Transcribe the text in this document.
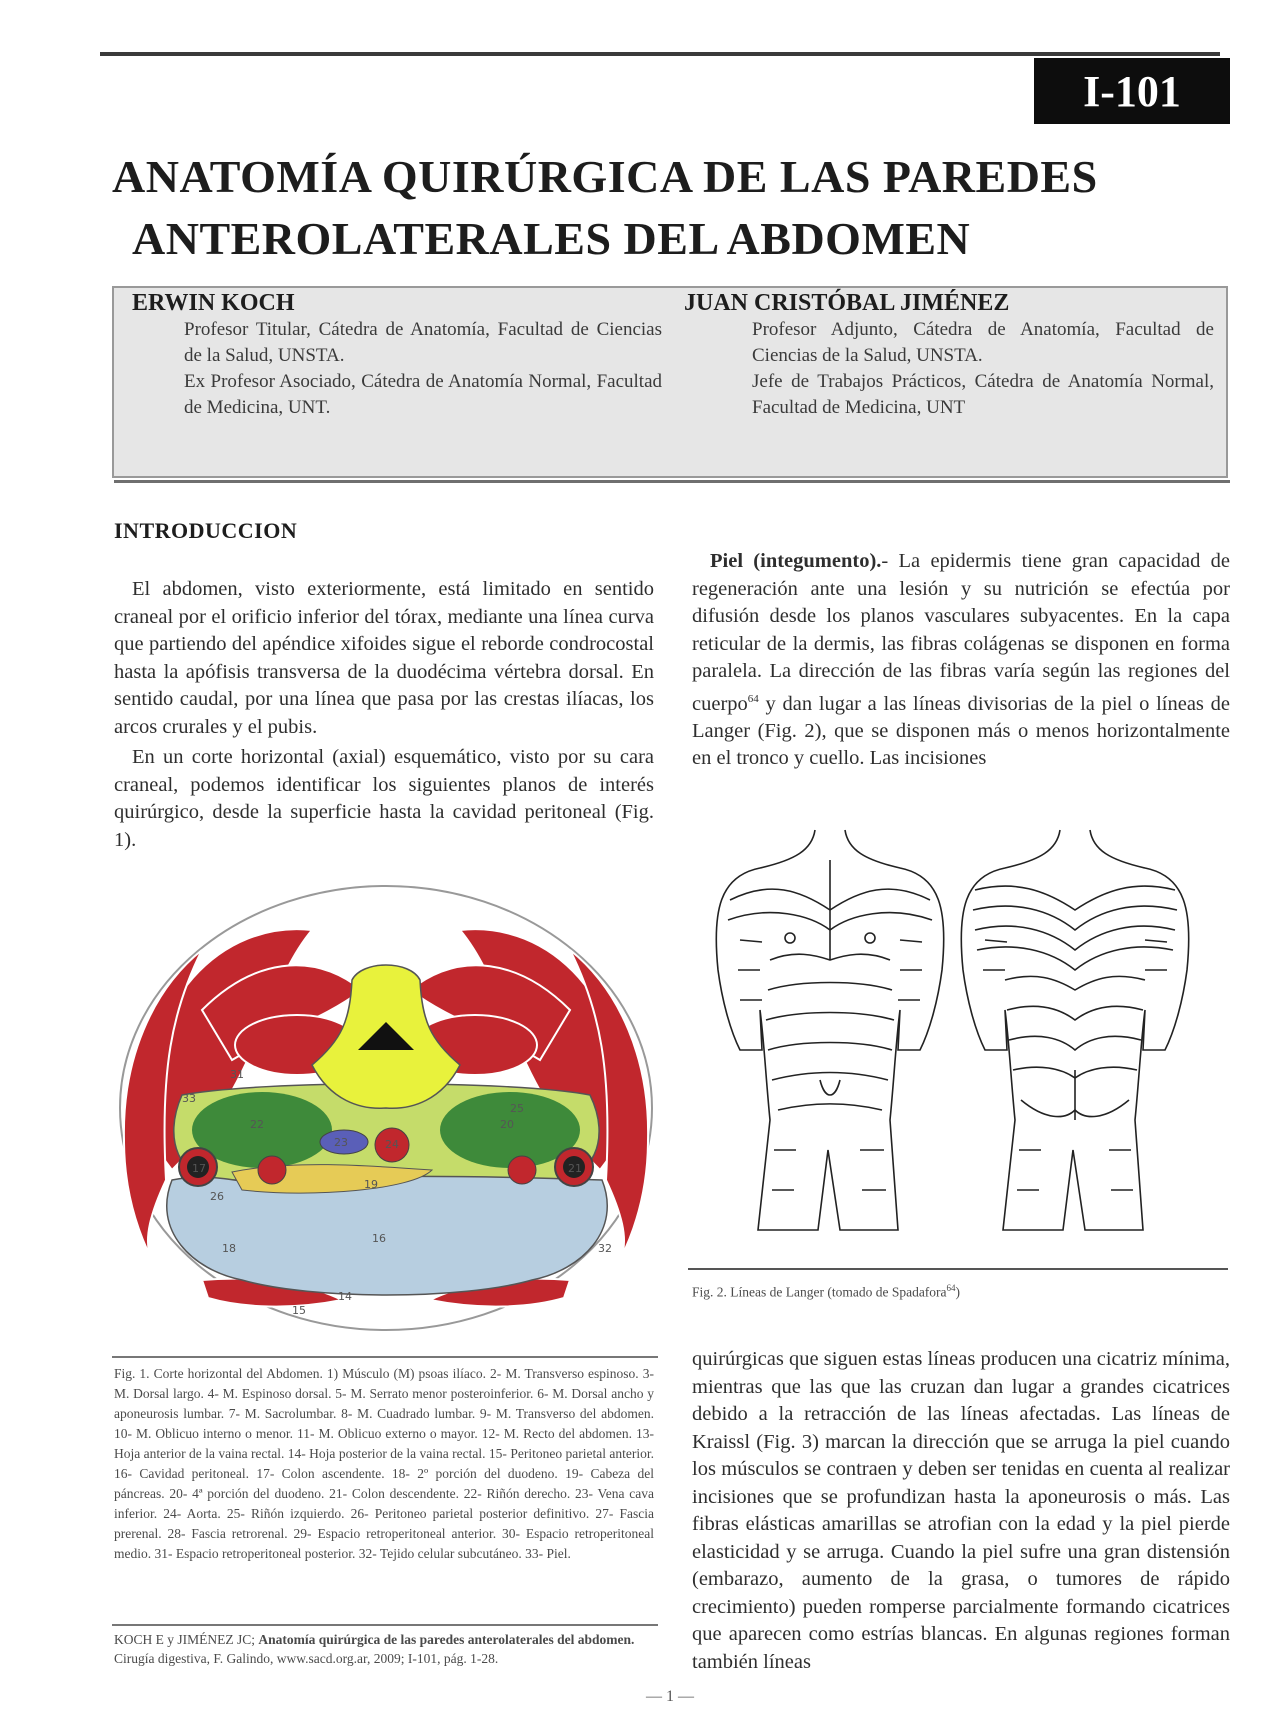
I-101
ANATOMÍA QUIRÚRGICA DE LAS PAREDES
ANTEROLATERALES DEL ABDOMEN
ERWIN KOCH
Profesor Titular, Cátedra de Anatomía, Facultad de Ciencias de la Salud, UNSTA.
Ex Profesor Asociado, Cátedra de Anatomía Normal, Facultad de Medicina, UNT.
JUAN CRISTÓBAL JIMÉNEZ
Profesor Adjunto, Cátedra de Anatomía, Facultad de Ciencias de la Salud, UNSTA.
Jefe de Trabajos Prácticos, Cátedra de Anatomía Normal, Facultad de Medicina, UNT
INTRODUCCION

El abdomen, visto exteriormente, está limitado en sentido craneal por el orificio inferior del tórax, mediante una línea curva que partiendo del apéndice xifoides sigue el reborde condrocostal hasta la apófisis transversa de la duodécima vértebra dorsal. En sentido caudal, por una línea que pasa por las crestas ilíacas, los arcos crurales y el pubis.

En un corte horizontal (axial) esquemático, visto por su cara craneal, podemos identificar los siguientes planos de interés quirúrgico, desde la superficie hasta la cavidad peritoneal (Fig. 1).

Piel (integumento).- La epidermis tiene gran capacidad de regeneración ante una lesión y su nutrición se efectúa por difusión desde los planos vasculares subyacentes. En la capa reticular de la dermis, las fibras colágenas se disponen en forma paralela. La dirección de las fibras varía según las regiones del cuerpo$^{64}$ y dan lugar a las líneas divisorias de la piel o líneas de Langer (Fig. 2), que se disponen más o menos horizontalmente en el tronco y cuello. Las incisiones

31
33
22	20
23	24
17
25
26
21
19
16
18	32
14
15
Fig. 2. Líneas de Langer (tomado de Spadafora$^{64}$)
Fig. 1. Corte horizontal del Abdomen. 1) Músculo (M) psoas ilíaco. 2- M. Transverso espinoso. 3- M. Dorsal largo. 4- M. Espinoso dorsal. 5- M. Serrato menor posteroinferior. 6- M. Dorsal ancho y aponeurosis lumbar. 7- M. Sacrolumbar. 8- M. Cuadrado lumbar. 9- M. Transverso del abdomen. 10- M. Oblicuo interno o menor. 11- M. Oblicuo externo o mayor. 12- M. Recto del abdomen. 13- Hoja anterior de la vaina rectal. 14- Hoja posterior de la vaina rectal. 15- Peritoneo parietal anterior. 16- Cavidad peritoneal. 17- Colon ascendente. 18- 2º porción del duodeno. 19- Cabeza del páncreas. 20- 4ª porción del duodeno. 21- Colon descendente. 22- Riñón derecho. 23- Vena cava inferior. 24- Aorta. 25- Riñón izquierdo. 26- Peritoneo parietal posterior definitivo. 27- Fascia prerenal. 28- Fascia retrorenal. 29- Espacio retroperitoneal anterior. 30- Espacio retroperitoneal medio. 31- Espacio retroperitoneal posterior. 32- Tejido celular subcutáneo. 33- Piel.
KOCH E y JIMÉNEZ JC; Anatomía quirúrgica de las paredes anterolaterales del abdomen.
Cirugía digestiva, F. Galindo, www.sacd.org.ar, 2009; I-101, pág. 1-28.

quirúrgicas que siguen estas líneas producen una cicatriz mínima, mientras que las que las cruzan dan lugar a grandes cicatrices debido a la retracción de las líneas afectadas. Las líneas de Kraissl (Fig. 3) marcan la dirección que se arruga la piel cuando los músculos se contraen y deben ser tenidas en cuenta al realizar incisiones que se profundizan hasta la aponeurosis o más. Las fibras elásticas amarillas se atrofian con la edad y la piel pierde elasticidad y se arruga. Cuando la piel sufre una gran distensión (embarazo, aumento de la grasa, o tumores de rápido crecimiento) pueden romperse parcialmente formando cicatrices que aparecen como estrías blancas. En algunas regiones forman también líneas

— 1 —
